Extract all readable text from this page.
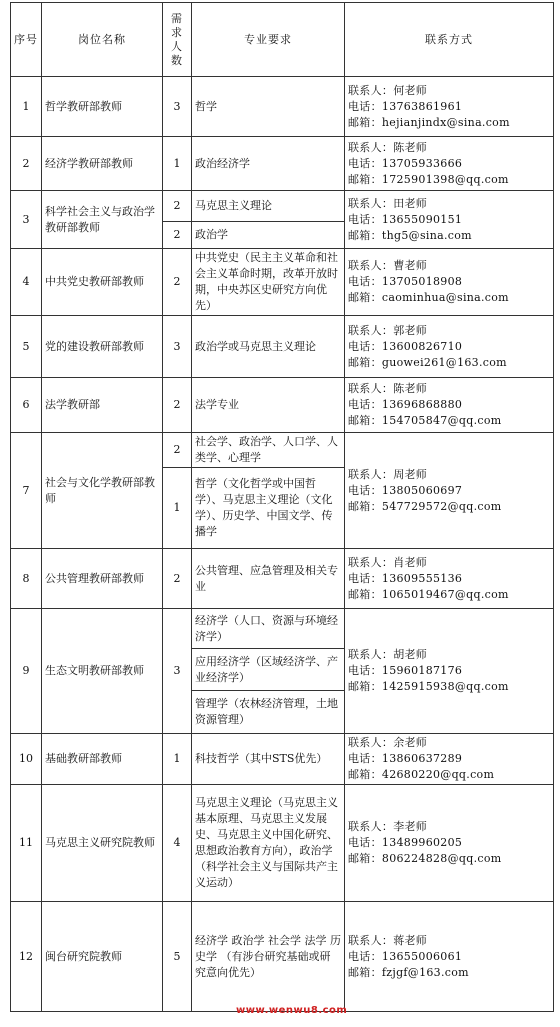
序号	岗位名称	需求人数	专业要求	联系方式
1	哲学教研部教师	3	哲学	联系人：何老师
电话：13763861961
邮箱：hejianjindx@sina.com

2	经济学教研部教师	1	政治经济学	联系人：陈老师
电话：13705933666
邮箱：1725901398@qq.com

3	科学社会主义与政治学教研部教师	2	马克思主义理论	联系人：田老师
电话：13655090151
邮箱：thg5@sina.com

		2	政治学	
4	中共党史教研部教师	2	中共党史（民主主义革命和社会主义革命时期，改革开放时期，中央苏区史研究方向优先）	联系人：曹老师
电话：13705018908
邮箱：caominhua@sina.com

5	党的建设教研部教师	3	政治学或马克思主义理论	联系人：郭老师
电话：13600826710
邮箱：guowei261@163.com

6	法学教研部	2	法学专业	联系人：陈老师
电话：13696868880
邮箱：154705847@qq.com

7	社会与文化学教研部教师	2	社会学、政治学、人口学、人类学、心理学	联系人：周老师
电话：13805060697
邮箱：547729572@qq.com

		1	哲学（文化哲学或中国哲学）、马克思主义理论（文化学）、历史学、中国文学、传播学	
8	公共管理教研部教师	2	公共管理、应急管理及相关专业	联系人：肖老师
电话：13609555136
邮箱：1065019467@qq.com

9	生态文明教研部教师	3	经济学（人口、资源与环境经济学）	联系人：胡老师
电话：15960187176
邮箱：1425915938@qq.com

			应用经济学（区域经济学、产业经济学）	
			管理学（农林经济管理，土地资源管理）	
10	基础教研部教师	1	科技哲学（其中STS优先）	联系人：余老师
电话：13860637289
邮箱：42680220@qq.com

11	马克思主义研究院教师	4	马克思主义理论（马克思主义基本原理、马克思主义发展史、马克思主义中国化研究、思想政治教育方向），政治学（科学社会主义与国际共产主义运动）	联系人：李老师
电话：13489960205
邮箱：806224828@qq.com

12	闽台研究院教师	5	经济学 政治学 社会学 法学 历史学 （有涉台研究基础或研究意向优先）	联系人：蒋老师
电话：13655006061
邮箱：fzjgf@163.com
www.wenwu8.com
